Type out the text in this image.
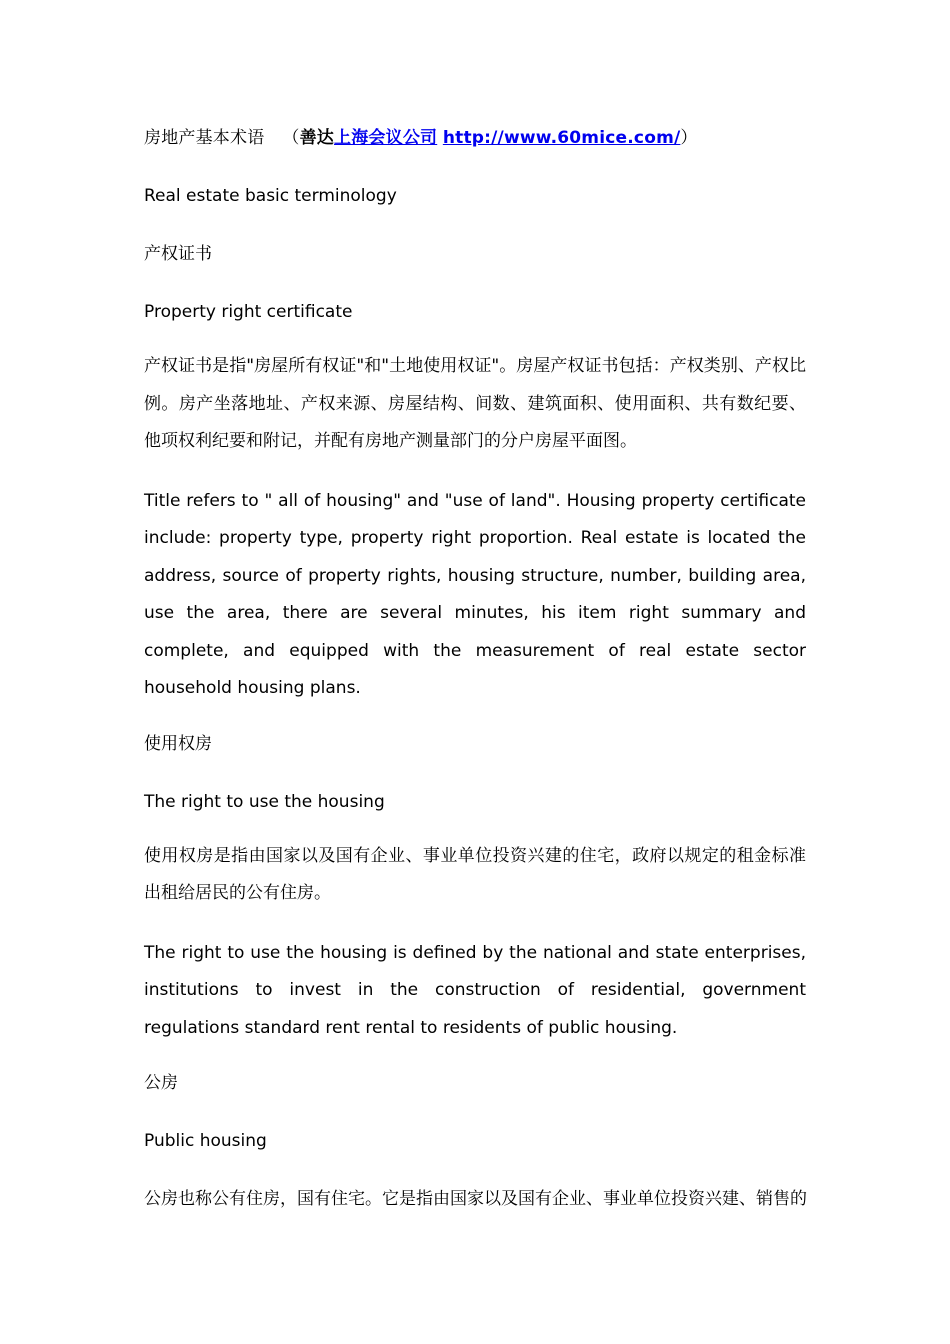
房地产基本术语 （善达上海会议公司 http://www.60mice.com/）
Real estate basic terminology
产权证书
Property right certificate
产权证书是指"房屋所有权证"和"土地使用权证"。房屋产权证书包括：产权类别、产权比例。房产坐落地址、产权来源、房屋结构、间数、建筑面积、使用面积、共有数纪要、他项权利纪要和附记，并配有房地产测量部门的分户房屋平面图。
Title refers to " all of housing" and "use of land". Housing property certificate include: property type, property right proportion. Real estate is located the address, source of property rights, housing structure, number, building area, use the area, there are several minutes, his item right summary and complete, and equipped with the measurement of real estate sector household housing plans.
使用权房
The right to use the housing
使用权房是指由国家以及国有企业、事业单位投资兴建的住宅，政府以规定的租金标准出租给居民的公有住房。
The right to use the housing is defined by the national and state enterprises, institutions to invest in the construction of residential, government regulations standard rent rental to residents of public housing.
公房
Public housing
公房也称公有住房，国有住宅。它是指由国家以及国有企业、事业单位投资兴建、销售的
